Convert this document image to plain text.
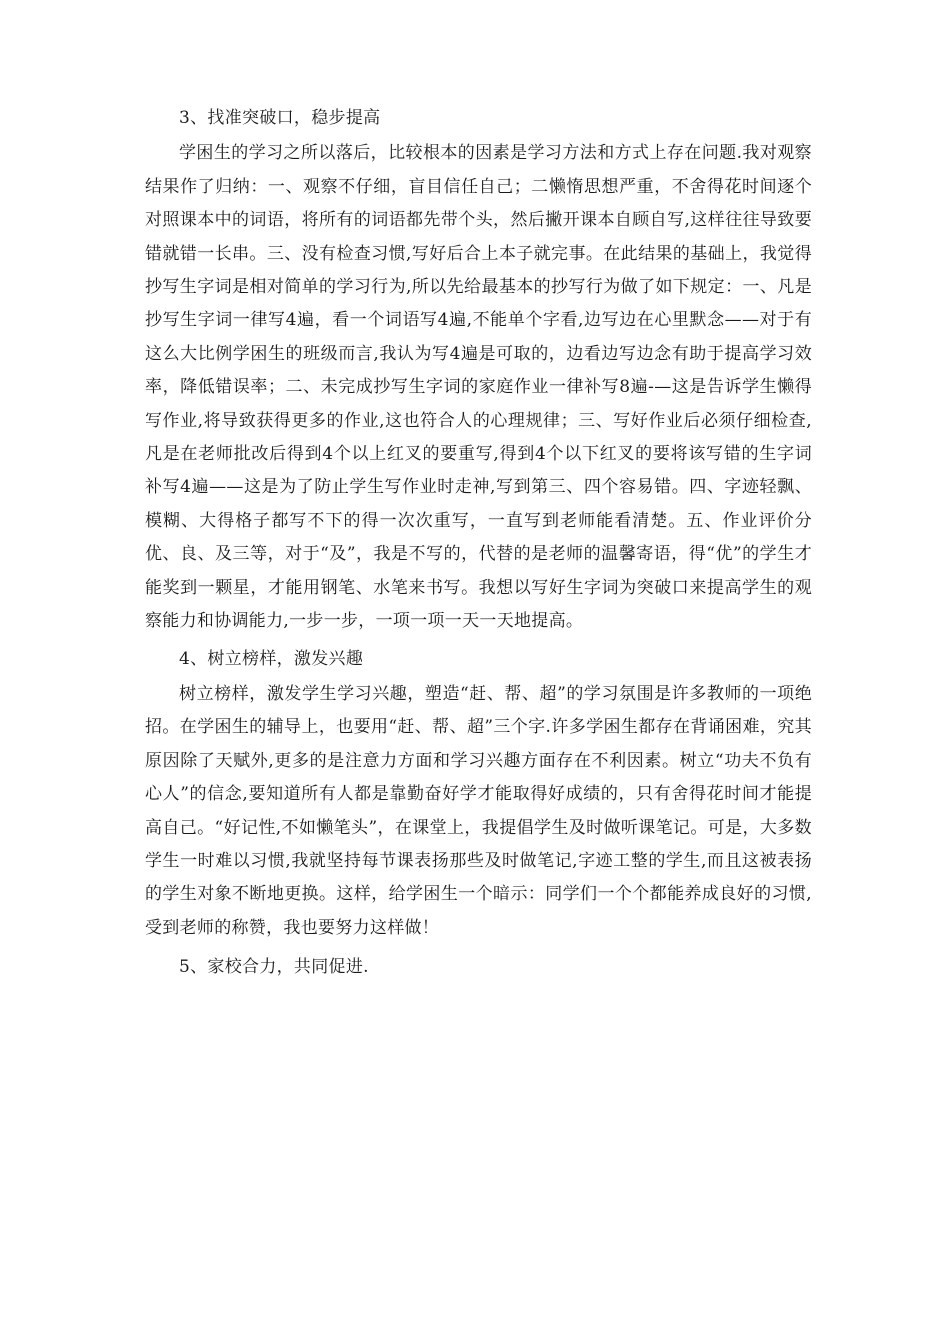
3、找准突破口，稳步提高

学困生的学习之所以落后，比较根本的因素是学习方法和方式上存在问题.我对观察结果作了归纳：一、观察不仔细，盲目信任自己；二懒惰思想严重，不舍得花时间逐个对照课本中的词语，将所有的词语都先带个头，然后撇开课本自顾自写,这样往往导致要错就错一长串。三、没有检查习惯,写好后合上本子就完事。在此结果的基础上，我觉得抄写生字词是相对简单的学习行为,所以先给最基本的抄写行为做了如下规定：一、凡是抄写生字词一律写4遍，看一个词语写4遍,不能单个字看,边写边在心里默念——对于有这么大比例学困生的班级而言,我认为写4遍是可取的，边看边写边念有助于提高学习效率，降低错误率；二、未完成抄写生字词的家庭作业一律补写8遍-—这是告诉学生懒得写作业,将导致获得更多的作业,这也符合人的心理规律；三、写好作业后必须仔细检查,凡是在老师批改后得到4个以上红叉的要重写,得到4个以下红叉的要将该写错的生字词补写4遍——这是为了防止学生写作业时走神,写到第三、四个容易错。四、字迹轻飘、模糊、大得格子都写不下的得一次次重写，一直写到老师能看清楚。五、作业评价分优、良、及三等，对于“及”，我是不写的，代替的是老师的温馨寄语，得“优”的学生才能奖到一颗星，才能用钢笔、水笔来书写。我想以写好生字词为突破口来提高学生的观察能力和协调能力,一步一步，一项一项一天一天地提高。

4、树立榜样，激发兴趣

树立榜样，激发学生学习兴趣，塑造“赶、帮、超”的学习氛围是许多教师的一项绝招。在学困生的辅导上，也要用“赶、帮、超”三个字.许多学困生都存在背诵困难，究其原因除了天赋外,更多的是注意力方面和学习兴趣方面存在不利因素。树立“功夫不负有心人”的信念,要知道所有人都是靠勤奋好学才能取得好成绩的，只有舍得花时间才能提高自己。“好记性,不如懒笔头”，在课堂上，我提倡学生及时做听课笔记。可是，大多数学生一时难以习惯,我就坚持每节课表扬那些及时做笔记,字迹工整的学生,而且这被表扬的学生对象不断地更换。这样，给学困生一个暗示：同学们一个个都能养成良好的习惯,受到老师的称赞，我也要努力这样做！

5、家校合力，共同促进.
